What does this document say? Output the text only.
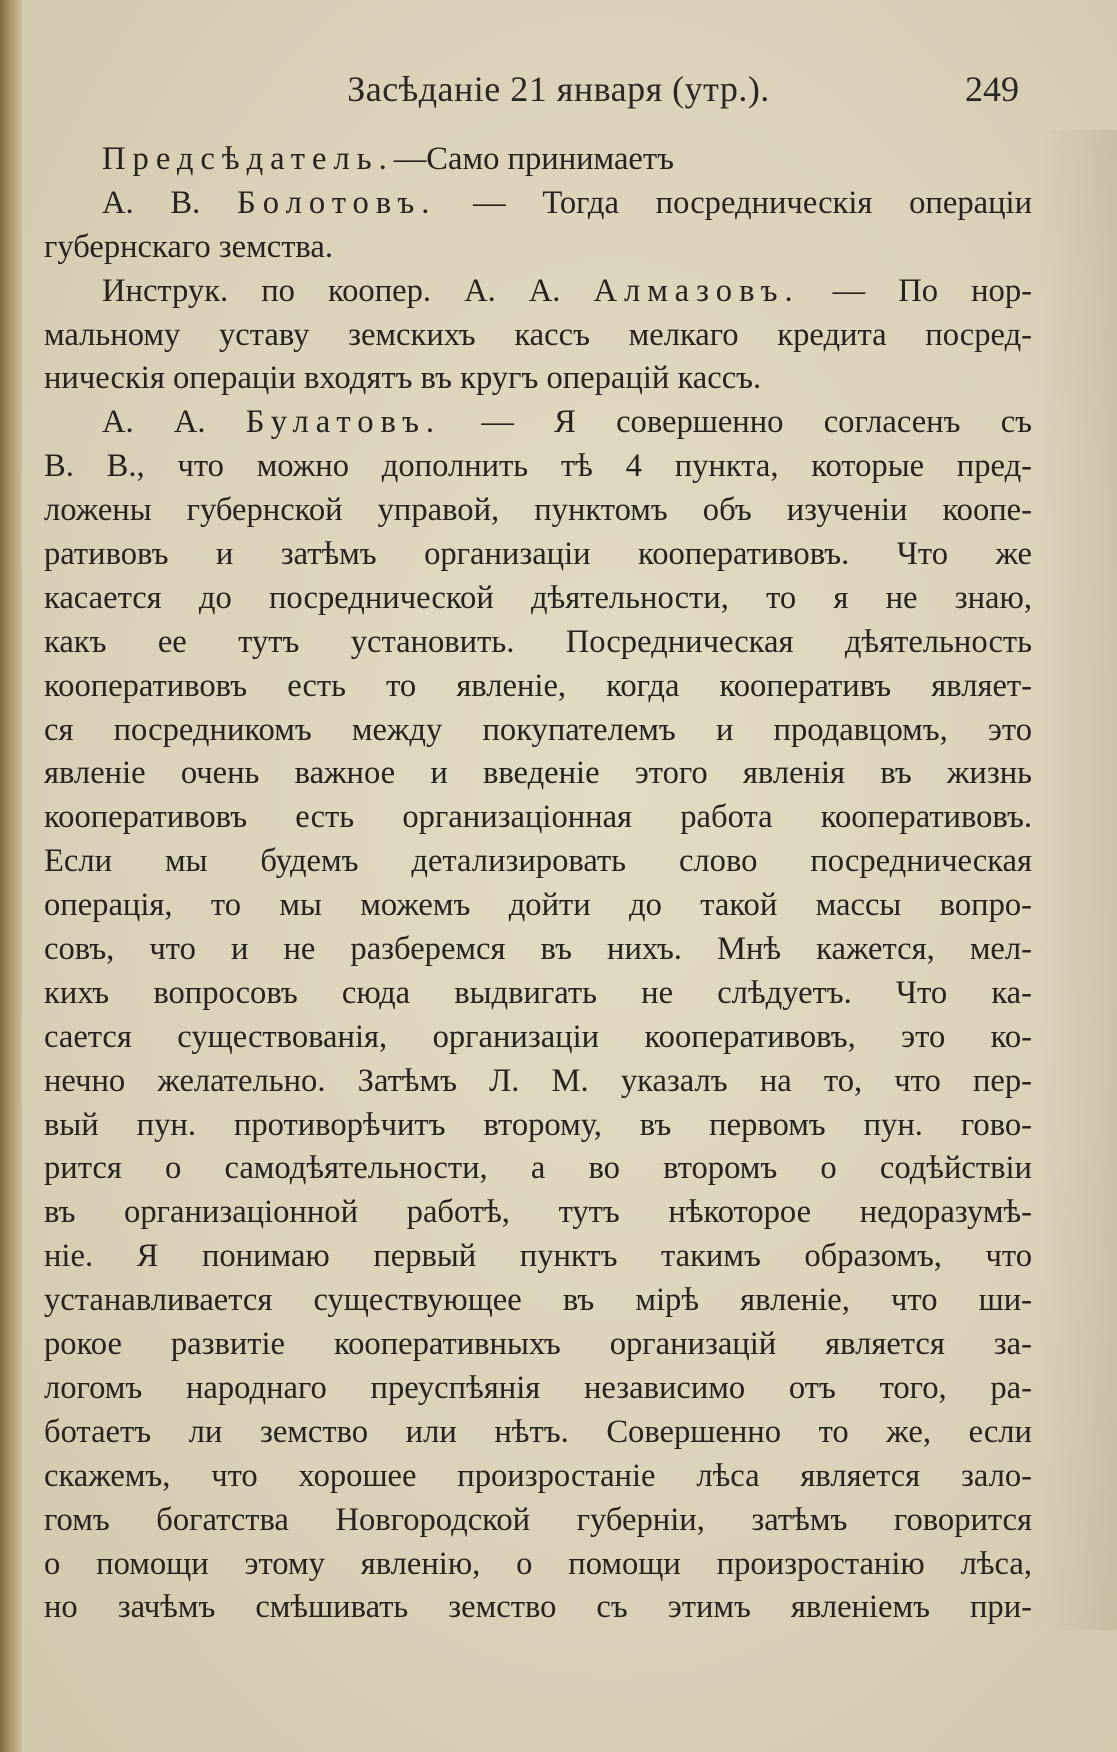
Засѣданіе 21 января (утр.).	249
Предсѣдатель.—Само принимаетъ
А. В. Болотовъ. — Тогда посредническія операціи
губернскаго земства.
Инструк. по коопер. А. А. Алмазовъ. — По нор-
мальному уставу земскихъ кассъ мелкаго кредита посред-
ническія операціи входятъ въ кругъ операцій кассъ.
А. А. Булатовъ. — Я совершенно согласенъ съ
В. В., что можно дополнить тѣ 4 пункта, которые пред-
ложены губернской управой, пунктомъ объ изученіи коопе-
ративовъ и затѣмъ организаціи кооперативовъ. Что же
касается до посреднической дѣятельности, то я не знаю,
какъ ее тутъ установить. Посредническая дѣятельность
кооперативовъ есть то явленіе, когда кооперативъ являет-
ся посредникомъ между покупателемъ и продавцомъ, это
явленіе очень важное и введеніе этого явленія въ жизнь
кооперативовъ есть организаціонная работа кооперативовъ.
Если мы будемъ детализировать слово посредническая
операція, то мы можемъ дойти до такой массы вопро-
совъ, что и не разберемся въ нихъ. Мнѣ кажется, мел-
кихъ вопросовъ сюда выдвигать не слѣдуетъ. Что ка-
сается существованія, организаціи кооперативовъ, это ко-
нечно желательно. Затѣмъ Л. М. указалъ на то, что пер-
вый пун. противорѣчитъ второму, въ первомъ пун. гово-
рится о самодѣятельности, а во второмъ о содѣйствіи
въ организаціонной работѣ, тутъ нѣкоторое недоразумѣ-
ніе. Я понимаю первый пунктъ такимъ образомъ, что
устанавливается существующее въ мірѣ явленіе, что ши-
рокое развитіе кооперативныхъ организацій является за-
логомъ народнаго преуспѣянія независимо отъ того, ра-
ботаетъ ли земство или нѣтъ. Совершенно то же, если
скажемъ, что хорошее произростаніе лѣса является зало-
гомъ богатства Новгородской губерніи, затѣмъ говорится
о помощи этому явленію, о помощи произростанію лѣса,
но зачѣмъ смѣшивать земство съ этимъ явленіемъ при-
